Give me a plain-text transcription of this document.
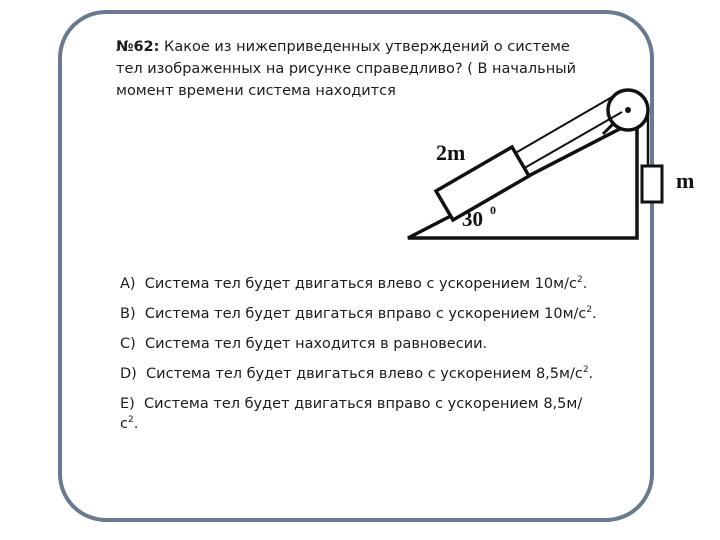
№62: Какое из нижеприведенных утверждений о системе тел изображенных на рисунке справедливо? ( В начальный момент времени система находится
2m
m
30 0
A) Система тел будет двигаться влево с ускорением $10м/с^2$.
B) Система тел будет двигаться вправо с ускорением $10м/с^2$.
C) Система тел будет находится в равновесии.
D) Система тел будет двигаться влево с ускорением $8,5м/с^2$.
E) Система тел будет двигаться вправо с ускорением $8,5м/с^2$.
